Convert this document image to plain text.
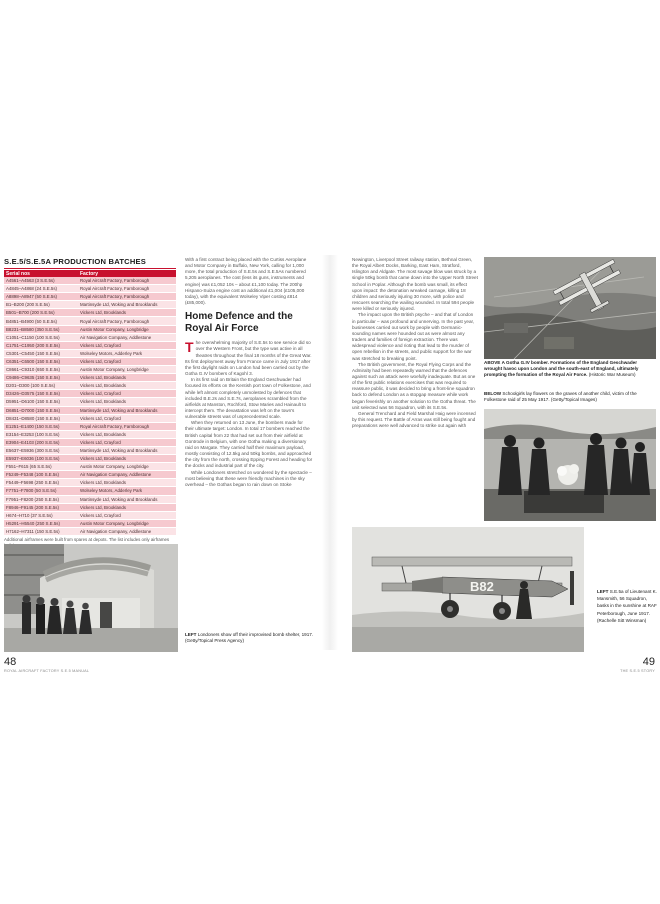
S.E.5/S.E.5A PRODUCTION BATCHES
Serial nos	Factory
A4561–A4563 (3 S.E.5s)	Royal Aircraft Factory, Farnborough
A4845–A4868 (24 S.E.5s)	Royal Aircraft Factory, Farnborough
A8898–A8947 (50 S.E.5s)	Royal Aircraft Factory, Farnborough
B1–B200 (200 S.E.5s)	Martinsyde Ltd, Woking and Brooklands
B501–B700 (200 S.E.5s)	Vickers Ltd, Brooklands
B4851–B4900 (50 S.E.5s)	Royal Aircraft Factory, Farnborough
B8231–B8580 (350 S.E.5s)	Austin Motor Company, Longbridge
C1051–C1150 (100 S.E.5s)	Air Navigation Company, Addlestone
C1751–C1950 (200 S.E.5s)	Vickers Ltd, Crayford
C5301–C5450 (150 S.E.5s)	Wolseley Motors, Adderley Park
C6351–C6500 (150 S.E.5s)	Vickers Ltd, Crayford
C8661–C9310 (650 S.E.5s)	Austin Motor Company, Longbridge
C9486–C9635 (150 S.E.5s)	Vickers Ltd, Brooklands
D201–D300 (100 S.E.5s)	Vickers Ltd, Brooklands
D3426–D3575 (150 S.E.5s)	Vickers Ltd, Crayford
D5951–D6100 (150 S.E.5s)	Vickers Ltd, Brooklands
D6851–D7000 (150 S.E.5s)	Martinsyde Ltd, Woking and Brooklands
D8431–D8580 (150 S.E.5s)	Vickers Ltd, Crayford
E1251–E1400 (150 S.E.5s)	Royal Aircraft Factory, Farnborough
E3154–E3253 (100 S.E.5s)	Vickers Ltd, Brooklands
E3904–E4103 (200 S.E.5s)	Vickers Ltd, Crayford
E5637–E5936 (300 S.E.5s)	Martinsyde Ltd, Woking and Brooklands
E5937–E6036 (100 S.E.5s)	Vickers Ltd, Brooklands
F551–F615 (65 S.E.5s)	Austin Motor Company, Longbridge
F5249–F5348 (100 S.E.5s)	Air Navigation Company, Addlestone
F5449–F5698 (250 S.E.5s)	Vickers Ltd, Brooklands
F7751–F7800 (50 S.E.5s)	Wolseley Motors, Adderley Park
F7951–F8200 (250 S.E.5s)	Martinsyde Ltd, Woking and Brooklands
F8946–F9145 (200 S.E.5s)	Vickers Ltd, Brooklands
H674–H710 (37 S.E.5s)	Vickers Ltd, Crayford
H5291–H5540 (250 S.E.5s)	Austin Motor Company, Longbridge
H7162–H7311 (150 S.E.5s)	Air Navigation Company, Addlestone
Additional airframes were built from spares at depots. The list includes only airframes
LEFT Londoners show off their improvised bomb shelter, 1917. (Getty/Topical Press Agency)

With a first contract being placed with the Curtiss Aeroplane and Motor Company in Buffalo, New York, calling for 1,000 more, the total production of S.E.5s and S.E.5As numbered 5,205 aeroplanes. The cost (less its guns, instruments and engine) was £1,052 10s – about £1,100 today. The 200hp Hispano-Suiza engine cost an additional £1,004 (£105,000 today), with the equivalent Wolseley Viper costing £814 (£85,000).

Home Defence and the Royal Air Force

The overwhelming majority of S.E.5s to see service did so over the Western Front, but the type was active in all theatres throughout the final 18 months of the Great War. Its first deployment away from France came in July 1917 after the first daylight raids on London had been carried out by the Gotha G.IV bombers of Kagohl 3.

In its first raid on Britain the England Geschwader had focused its efforts on the Kentish port town of Folkestone, and while left almost completely unmolested by defences that included B.E.2s and S.E.7s, aeroplanes scrambled from the airfields at Manston, Rochford, Stow Maries and Hainault to intercept them. The devastation was left on the town's vulnerable streets was of unprecedented scale.

When they returned on 13 June, the bombers made for their ultimate target: London. In total 17 bombers reached the British capital from 22 that had set out from their airfield at Gontrode in Belgium, with one Gotha making a diversionary raid on Margate. They carried half their maximum payload, mostly consisting of 12.5kg and 50kg bombs, and approached the city from the north, crossing Epping Forest and heading for the docks and industrial part of the city.

While Londoners stretched on wondered by the spectacle – most believing that these were friendly machines in the sky overhead – the Gothas began to rain down on Stoke

Newington, Liverpool Street railway station, Bethnal Green, the Royal Albert Docks, Barking, East Ham, Stratford, Islington and Aldgate. The most savage blow was struck by a single 50kg bomb that came down into the Upper North Street School in Poplar. Although the bomb was small, its effect upon impact: the detonation wreaked carnage, killing 18 children and seriously injuring 30 more, with police and rescuers searching the wailing wounded. In total 594 people were killed or seriously injured.

The impact upon the British psyche – and that of London in particular – was profound and unnerving. In the past year, businesses carried out work by people with Germanic-sounding names were hounded out as were almost any traders and families of foreign extraction. There was widespread violence and rioting that lead to the murder of open rebellion in the streets, and public support for the war was stretched to breaking point.

The British government, the Royal Flying Corps and the Admiralty had been repeatedly warned that the defences against such an attack were woefully inadequate. But as one of the first public relations exercises that was required to reassure public, it was decided to bring a front-line squadron back to defend London as a stopgap measure while work began feverishly on another solution to the Gotha threat. The unit selected was 56 Squadron, with its S.E.5s.

General Trenchard and Field Marshal Haig were incensed by this request. The Battle of Arras was still being fought and preparations were well advanced to strike out again with

ABOVE A Gotha G.IV bomber. Formations of the England Geschwader wrought havoc upon London and the south-east of England, ultimately prompting the formation of the Royal Air Force. (Historic War Museum)
BELOW Schoolgirls lay flowers on the graves of another child, victim of the Folkestone raid of 25 May 1917. (Getty/Topical Images)
B82	LEFT S.E.5a of Lieutenant K. Mansmith, 56 Squadron, basks in the sunshine at RAF Peterborough, June 1917. (Rachelle Sitt Winsman)
48
ROYAL AIRCRAFT FACTORY S.E.5 MANUAL
49
THE S.E.5 STORY
